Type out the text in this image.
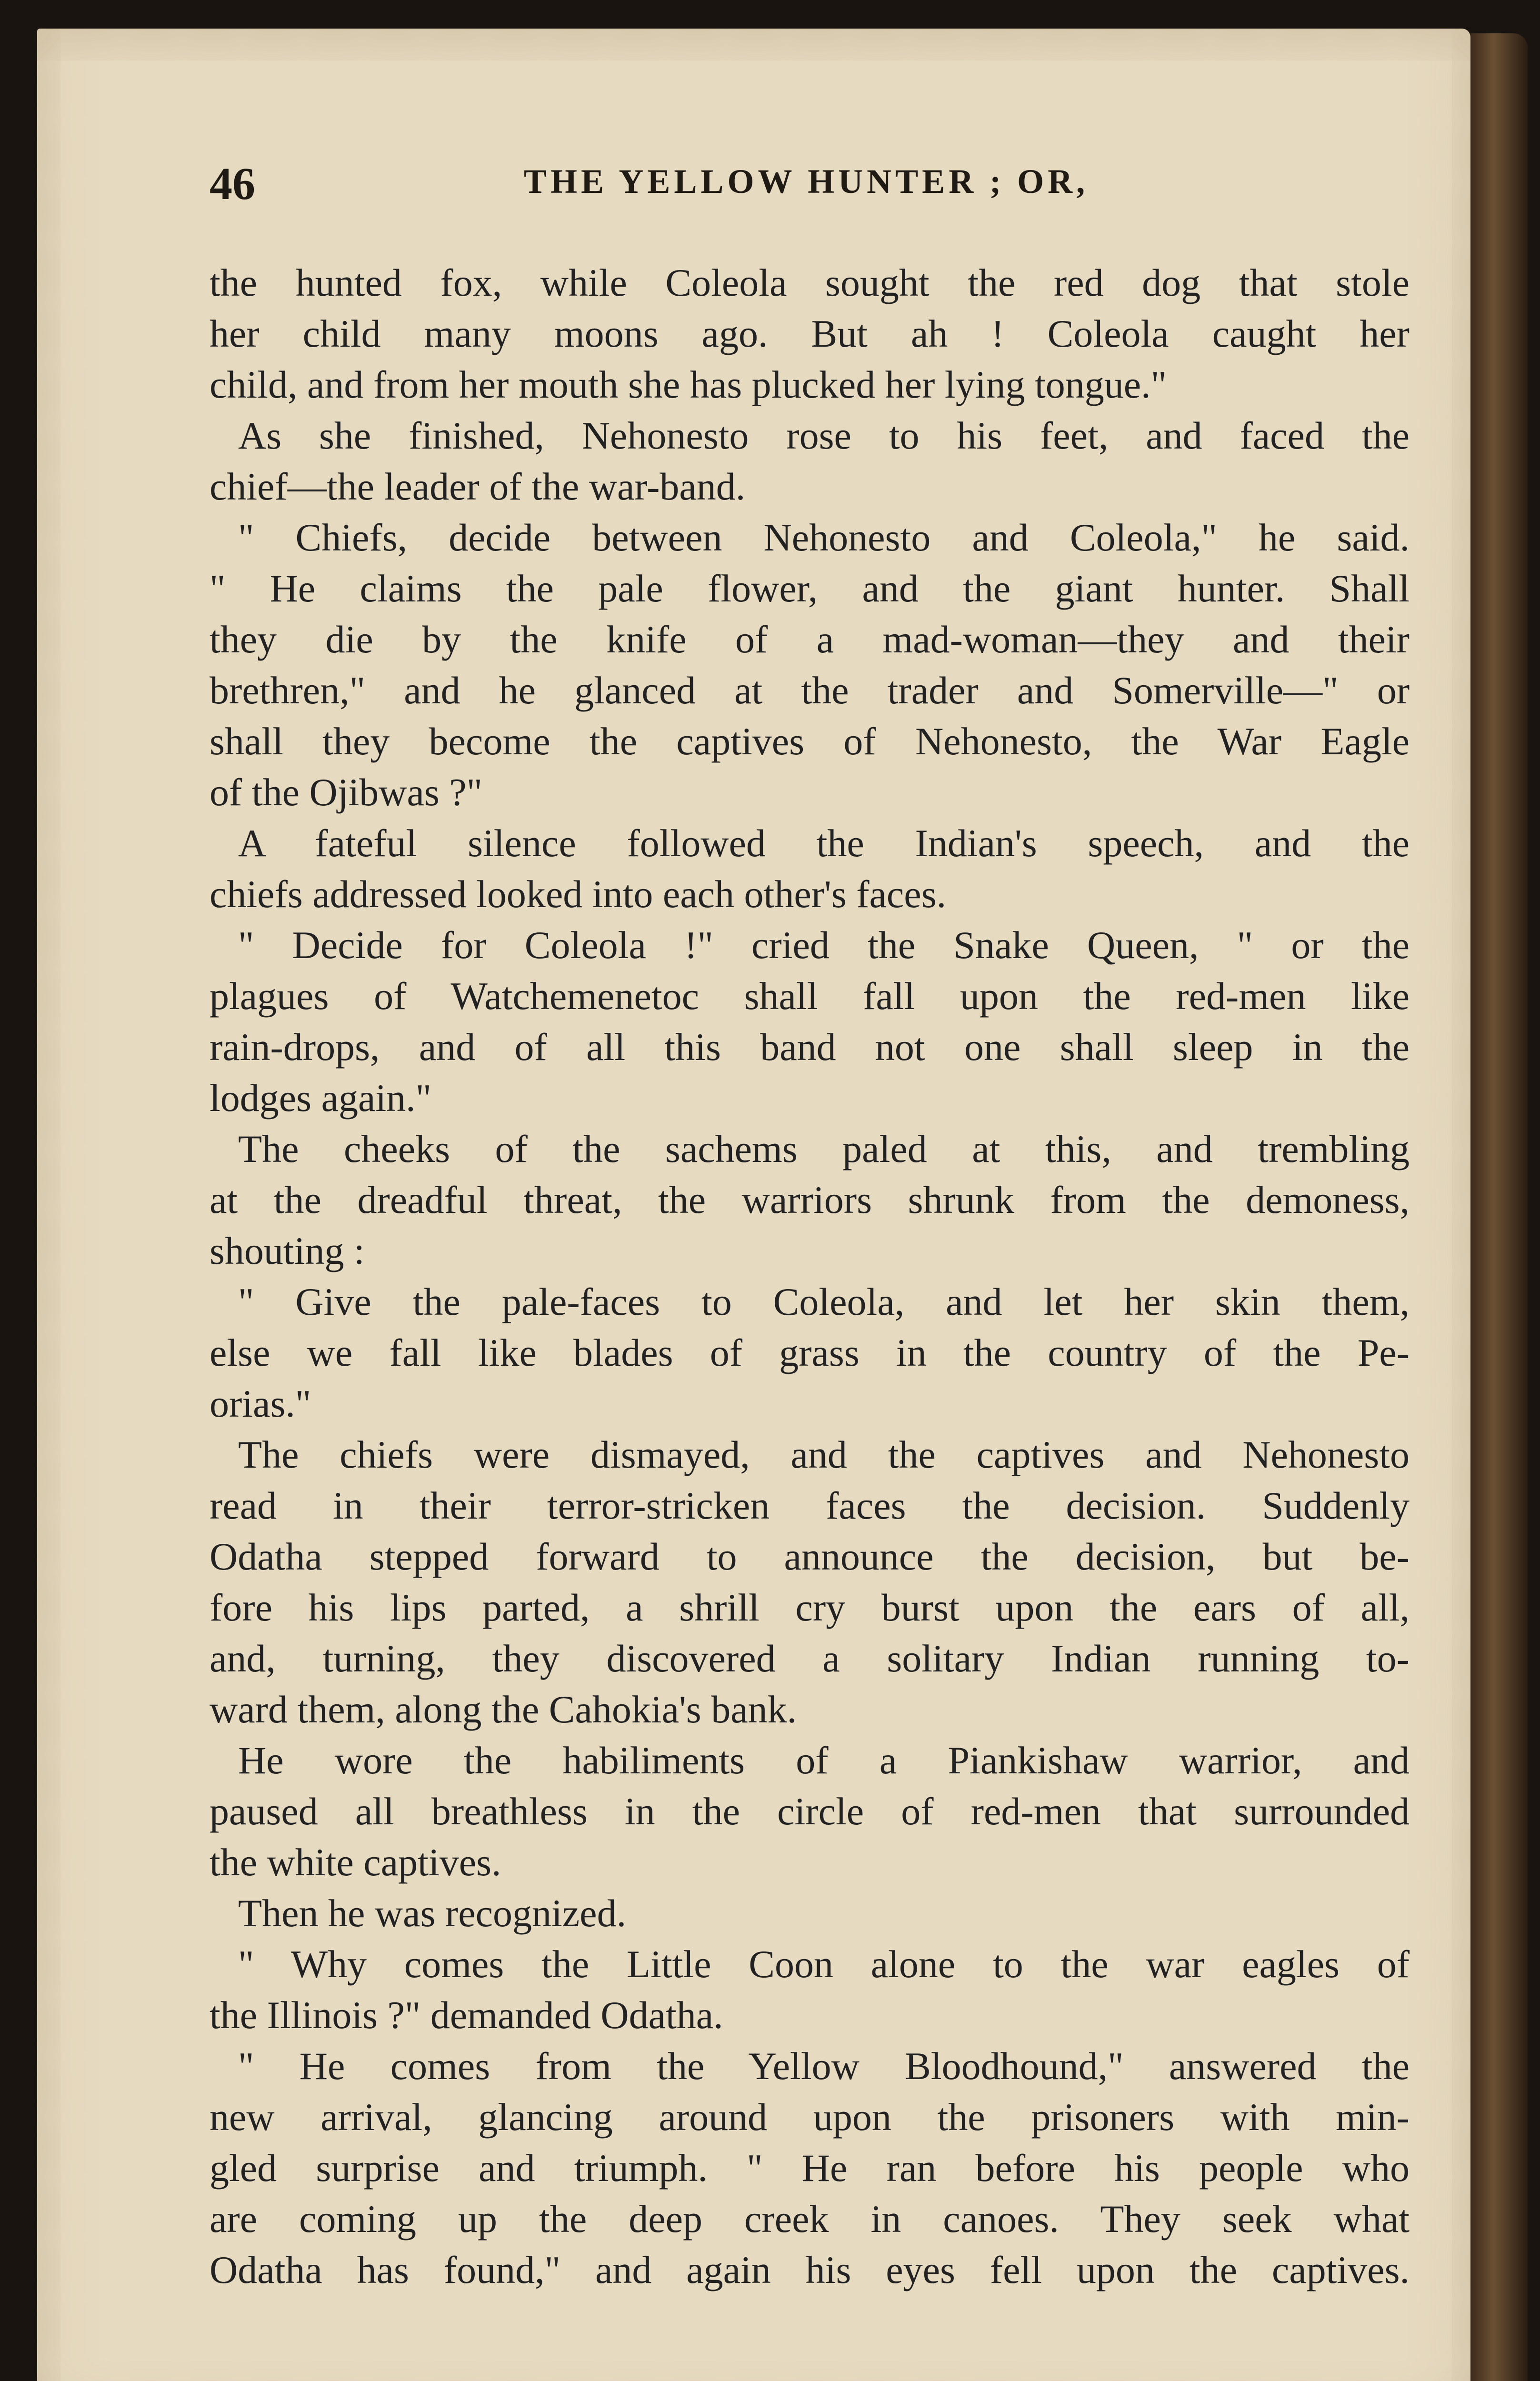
46	THE YELLOW HUNTER ; OR,
the hunted fox, while Coleola sought the red dog that stole
her child many moons ago. But ah ! Coleola caught her
child, and from her mouth she has plucked her lying tongue."
As she finished, Nehonesto rose to his feet, and faced the
chief—the leader of the war-band.
" Chiefs, decide between Nehonesto and Coleola," he said.
" He claims the pale flower, and the giant hunter. Shall
they die by the knife of a mad-woman—they and their
brethren," and he glanced at the trader and Somerville—" or
shall they become the captives of Nehonesto, the War Eagle
of the Ojibwas ?"
A fateful silence followed the Indian's speech, and the
chiefs addressed looked into each other's faces.
" Decide for Coleola !" cried the Snake Queen, " or the
plagues of Watchemenetoc shall fall upon the red-men like
rain-drops, and of all this band not one shall sleep in the
lodges again."
The cheeks of the sachems paled at this, and trembling
at the dreadful threat, the warriors shrunk from the demoness,
shouting :
" Give the pale-faces to Coleola, and let her skin them,
else we fall like blades of grass in the country of the Pe-
orias."
The chiefs were dismayed, and the captives and Nehonesto
read in their terror-stricken faces the decision. Suddenly
Odatha stepped forward to announce the decision, but be-
fore his lips parted, a shrill cry burst upon the ears of all,
and, turning, they discovered a solitary Indian running to-
ward them, along the Cahokia's bank.
He wore the habiliments of a Piankishaw warrior, and
paused all breathless in the circle of red-men that surrounded
the white captives.
Then he was recognized.
" Why comes the Little Coon alone to the war eagles of
the Illinois ?" demanded Odatha.
" He comes from the Yellow Bloodhound," answered the
new arrival, glancing around upon the prisoners with min-
gled surprise and triumph. " He ran before his people who
are coming up the deep creek in canoes. They seek what
Odatha has found," and again his eyes fell upon the captives.
